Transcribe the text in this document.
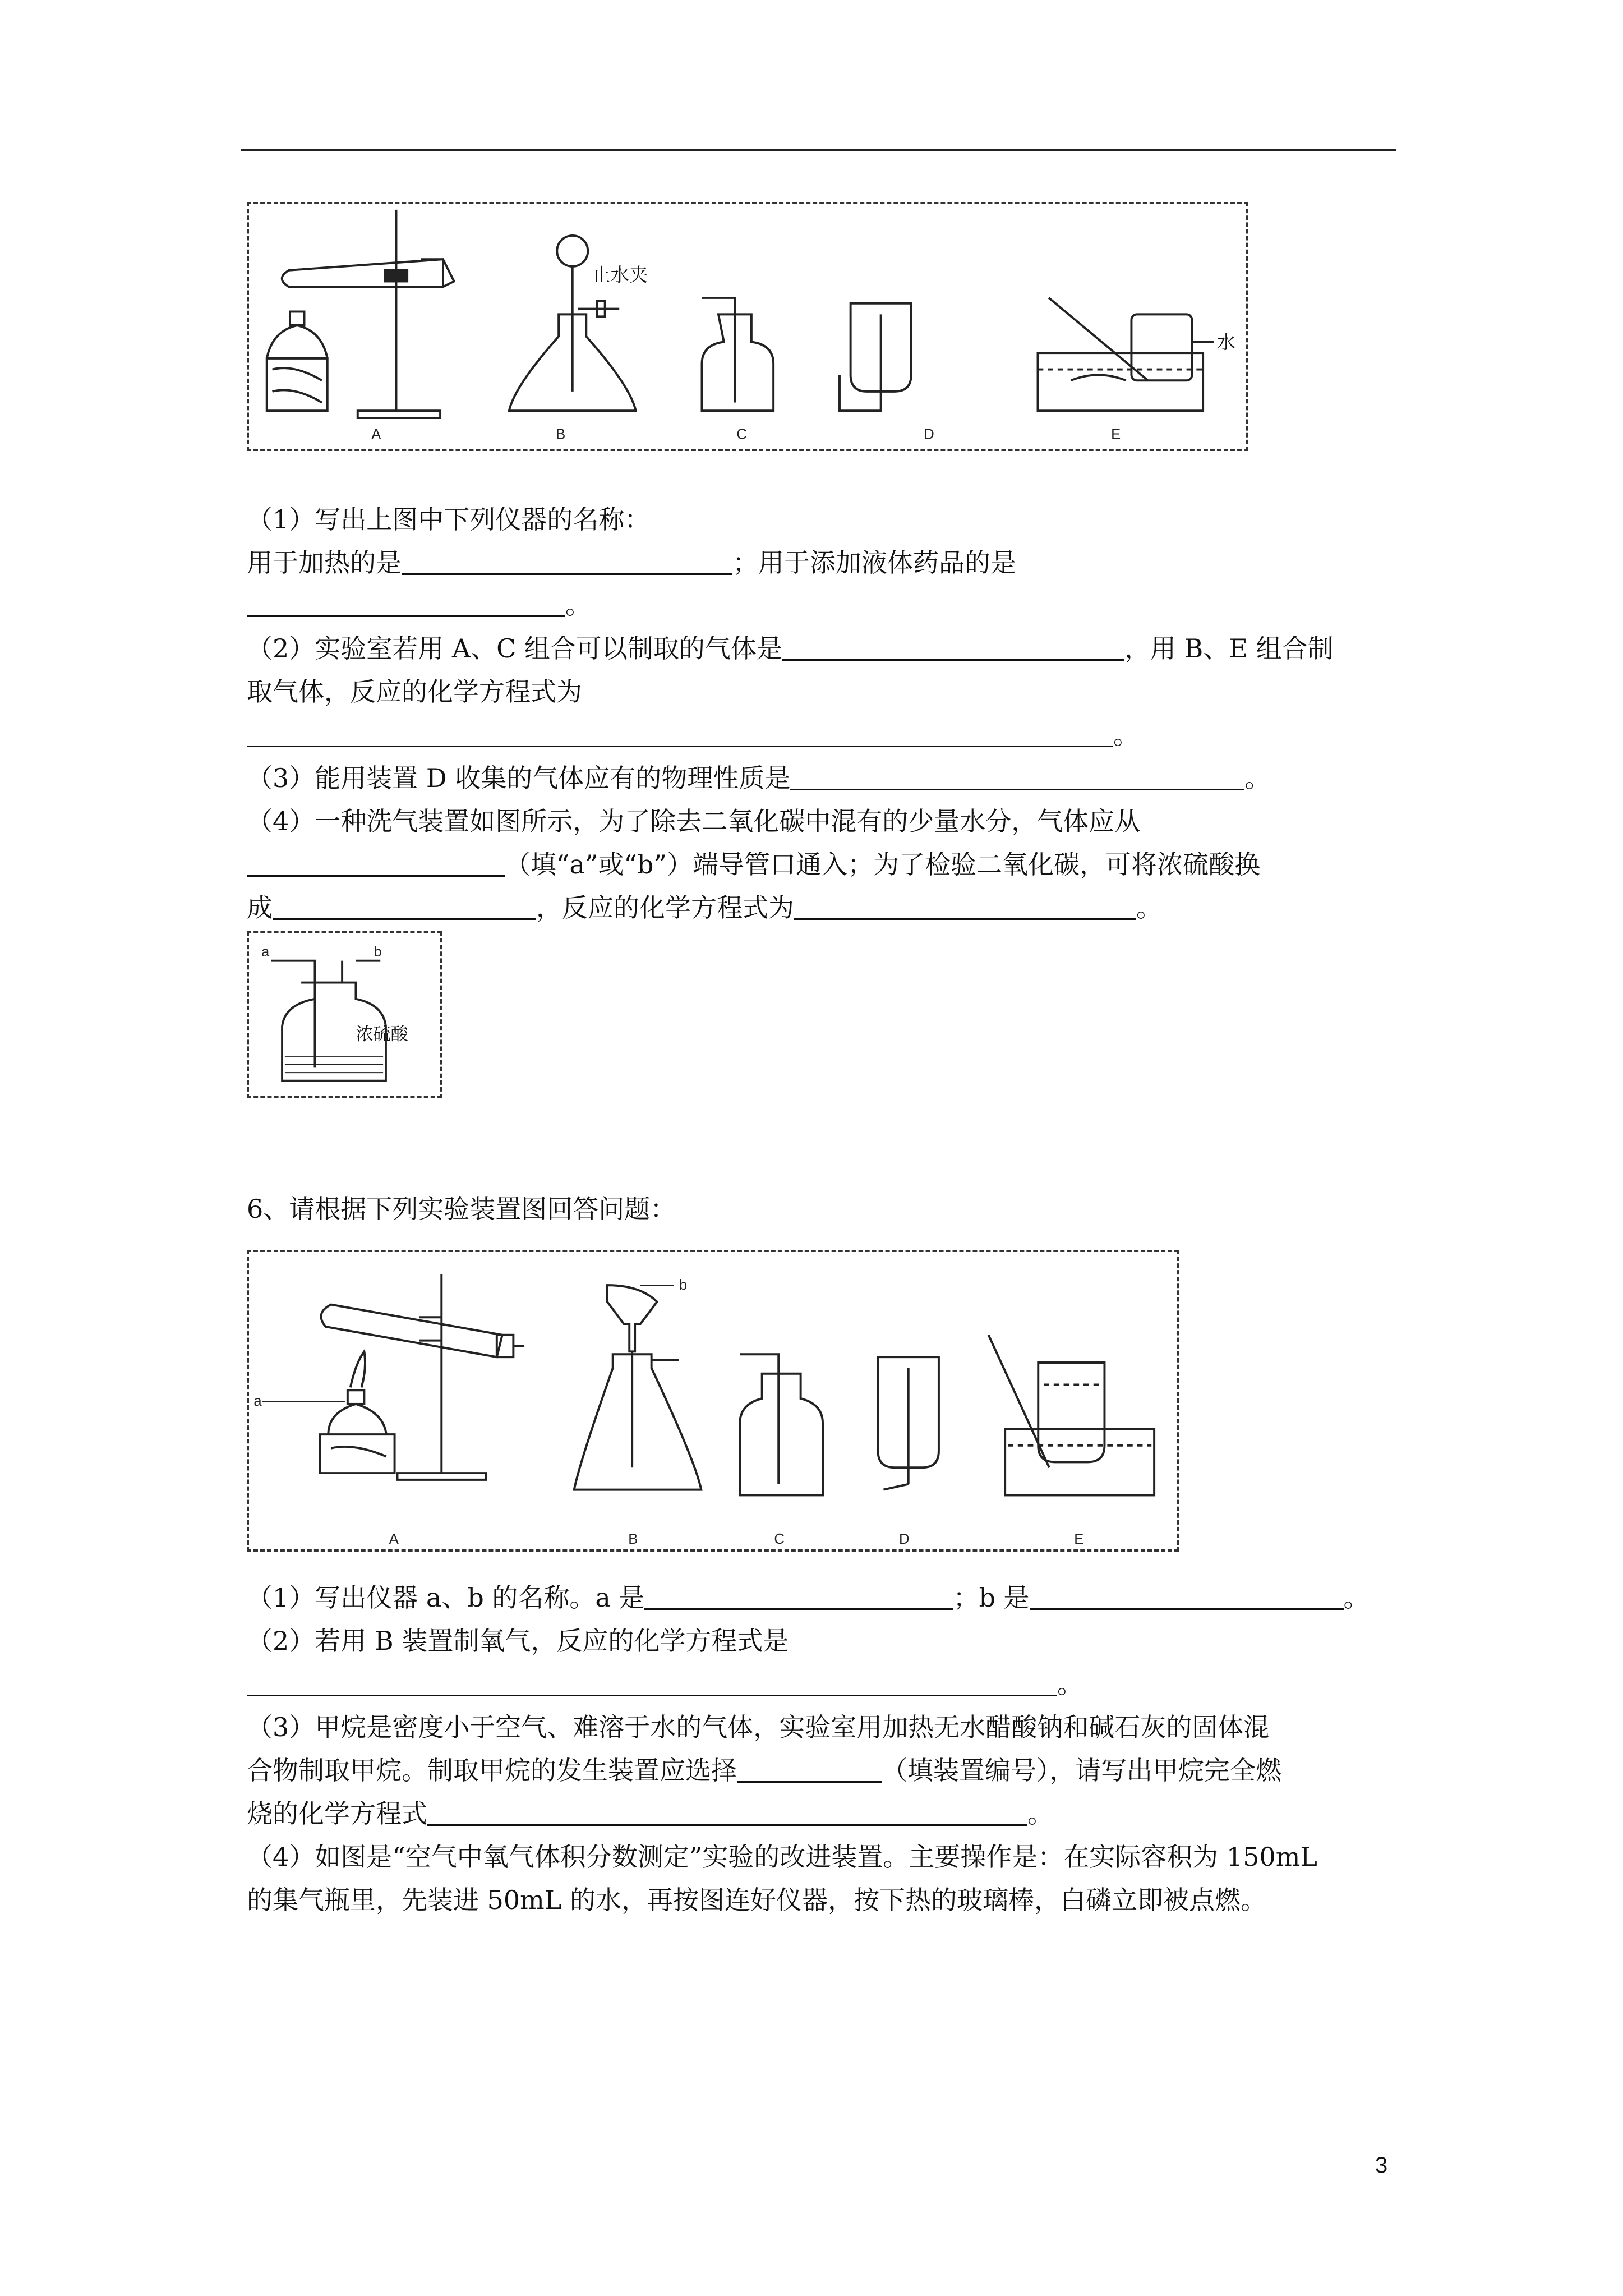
止水夹
水
A	B	C	D	E
（1）写出上图中下列仪器的名称：
用于加热的是	；用于添加液体药品的是
。
（2）实验室若用 A、C 组合可以制取的气体是	，用 B、E 组合制
取气体，反应的化学方程式为
。
（3）能用装置 D 收集的气体应有的物理性质是	。
（4）一种洗气装置如图所示，为了除去二氧化碳中混有的少量水分，气体应从
（填“a”或“b”）端导管口通入；为了检验二氧化碳，可将浓硫酸换
成	，反应的化学方程式为	。
a	b
浓硫酸
6、请根据下列实验装置图回答问题：
a
b
A	B	C	D	E
（1）写出仪器 a、b 的名称。a 是	；b 是	。
（2）若用 B 装置制氧气，反应的化学方程式是
。
（3）甲烷是密度小于空气、难溶于水的气体，实验室用加热无水醋酸钠和碱石灰的固体混
合物制取甲烷。制取甲烷的发生装置应选择	（填装置编号），请写出甲烷完全燃
烧的化学方程式	。
（4）如图是“空气中氧气体积分数测定”实验的改进装置。主要操作是：在实际容积为 150mL
的集气瓶里，先装进 50mL 的水，再按图连好仪器，按下热的玻璃棒，白磷立即被点燃。
3
